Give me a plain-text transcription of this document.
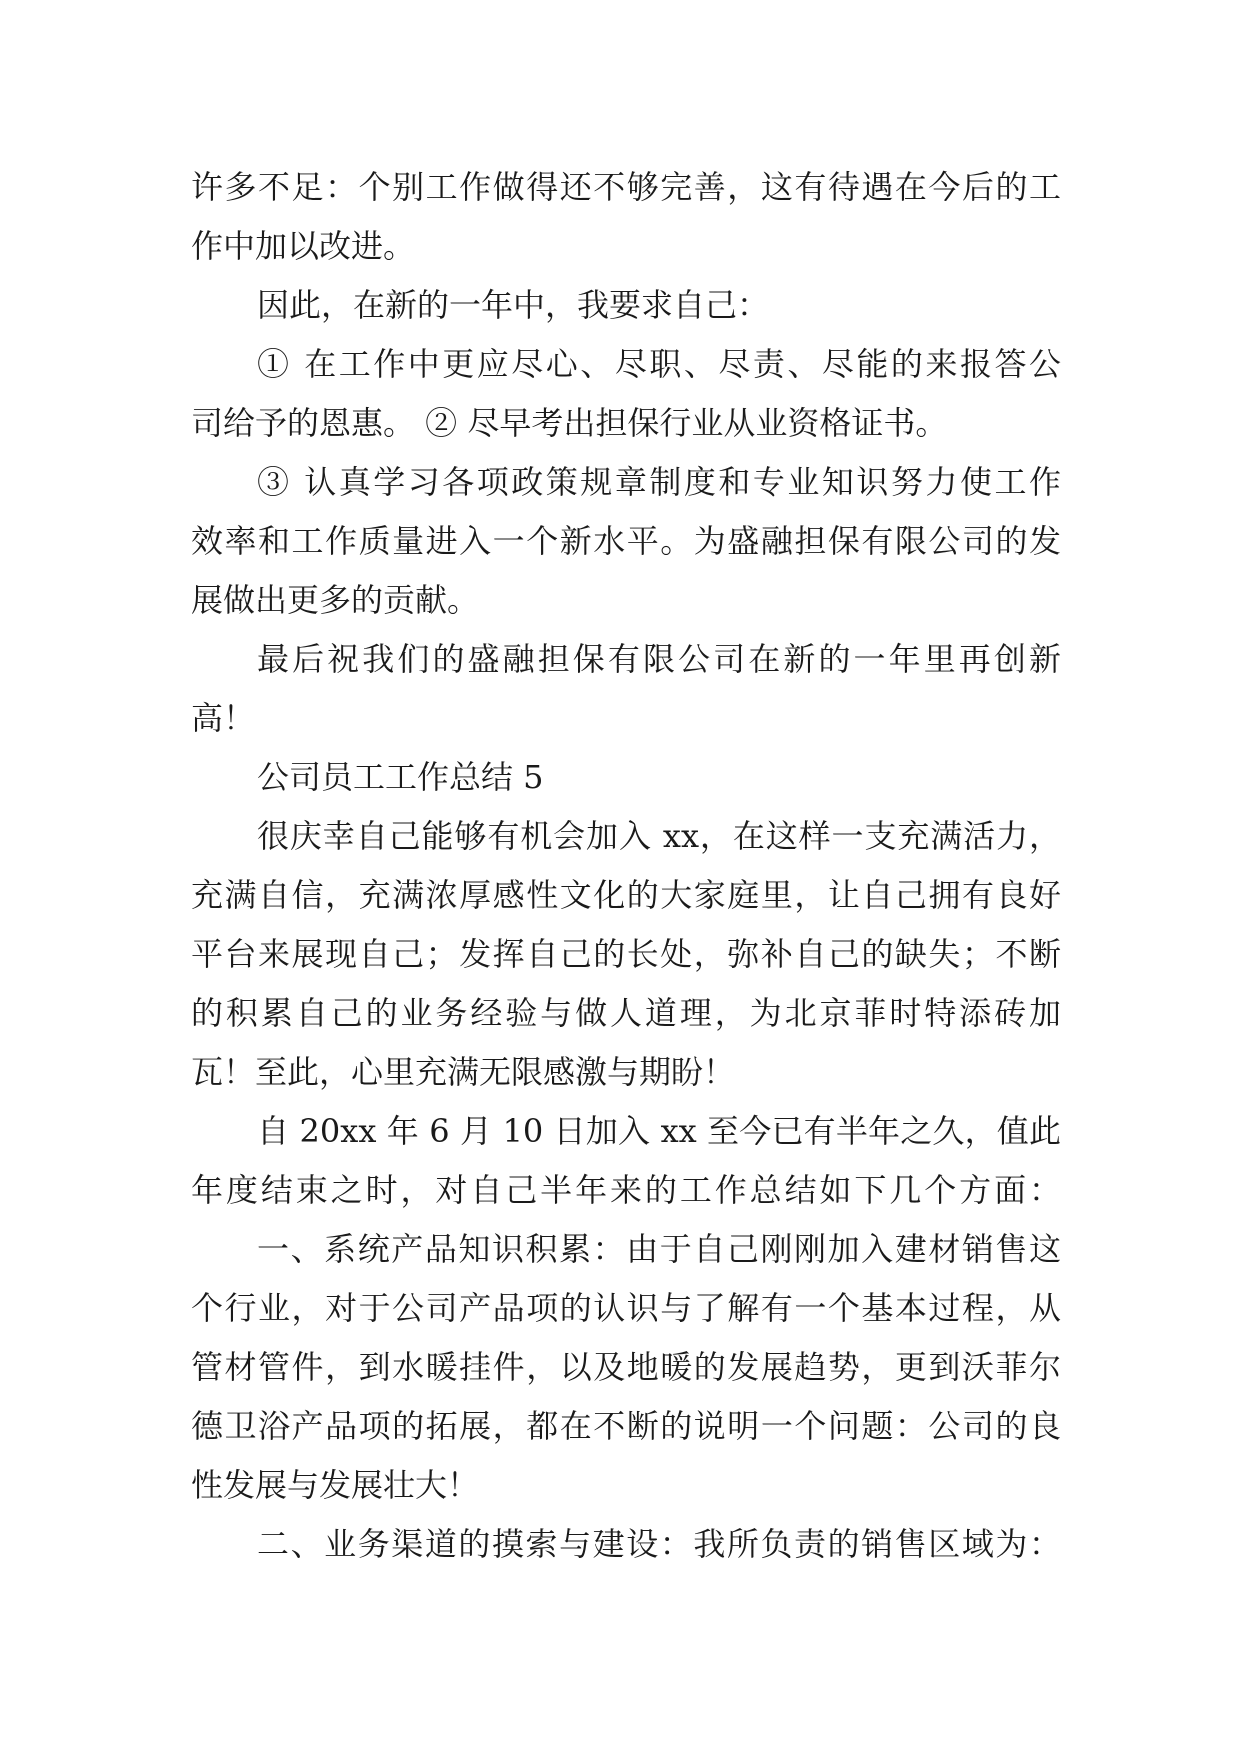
许多不足：个别工作做得还不够完善，这有待遇在今后的工
作中加以改进。
因此，在新的一年中，我要求自己：
① 在工作中更应尽心、尽职、尽责、尽能的来报答公
司给予的恩惠。 ② 尽早考出担保行业从业资格证书。
③ 认真学习各项政策规章制度和专业知识努力使工作
效率和工作质量进入一个新水平。为盛融担保有限公司的发
展做出更多的贡献。
最后祝我们的盛融担保有限公司在新的一年里再创新
高！
公司员工工作总结 5
很庆幸自己能够有机会加入 xx，在这样一支充满活力，
充满自信，充满浓厚感性文化的大家庭里，让自己拥有良好
平台来展现自己；发挥自己的长处，弥补自己的缺失；不断
的积累自己的业务经验与做人道理，为北京菲时特添砖加
瓦！至此，心里充满无限感激与期盼！
自 20xx 年 6 月 10 日加入 xx 至今已有半年之久，值此
年度结束之时，对自己半年来的工作总结如下几个方面：
一、系统产品知识积累：由于自己刚刚加入建材销售这
个行业，对于公司产品项的认识与了解有一个基本过程，从
管材管件，到水暖挂件，以及地暖的发展趋势，更到沃菲尔
德卫浴产品项的拓展，都在不断的说明一个问题：公司的良
性发展与发展壮大！
二、业务渠道的摸索与建设：我所负责的销售区域为：
